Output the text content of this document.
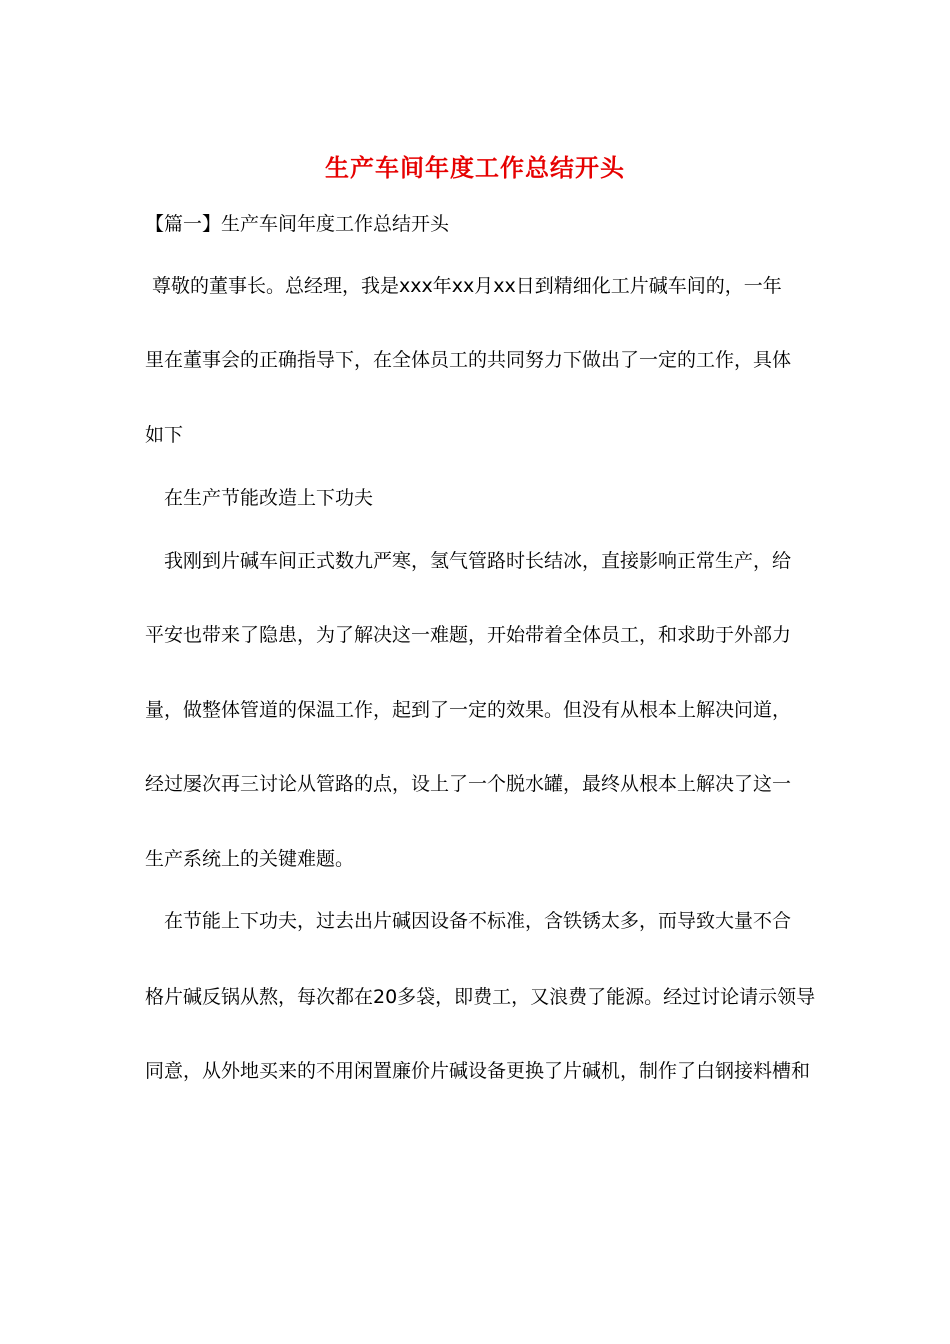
生产车间年度工作总结开头
【篇一】生产车间年度工作总结开头
尊敬的董事长。总经理，我是xxx年xx月xx日到精细化工片碱车间的，一年
里在董事会的正确指导下，在全体员工的共同努力下做出了一定的工作，具体
如下
在生产节能改造上下功夫
我刚到片碱车间正式数九严寒，氢气管路时长结冰，直接影响正常生产，给
平安也带来了隐患，为了解决这一难题，开始带着全体员工，和求助于外部力
量，做整体管道的保温工作，起到了一定的效果。但没有从根本上解决问道，
经过屡次再三讨论从管路的点，设上了一个脱水罐，最终从根本上解决了这一
生产系统上的关键难题。
在节能上下功夫，过去出片碱因设备不标准，含铁锈太多，而导致大量不合
格片碱反锅从熬，每次都在20多袋，即费工，又浪费了能源。经过讨论请示领导
同意，从外地买来的不用闲置廉价片碱设备更换了片碱机，制作了白钢接料槽和
